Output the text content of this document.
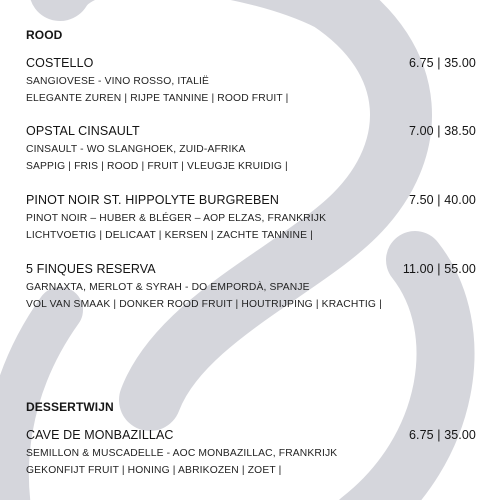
ROOD
COSTELLO	6.75 | 35.00
SANGIOVESE - VINO ROSSO, ITALIË
ELEGANTE ZUREN | RIJPE TANNINE | ROOD FRUIT |
OPSTAL CINSAULT	7.00 | 38.50
CINSAULT - WO SLANGHOEK, ZUID-AFRIKA
SAPPIG | FRIS | ROOD | FRUIT | VLEUGJE KRUIDIG |
PINOT NOIR ST. HIPPOLYTE BURGREBEN	7.50 | 40.00
PINOT NOIR – HUBER & BLÉGER – AOP ELZAS, FRANKRIJK
LICHTVOETIG | DELICAAT | KERSEN | ZACHTE TANNINE |
5 FINQUES RESERVA	11.00 | 55.00
GARNAXTA, MERLOT & SYRAH - DO EMPORDÀ, SPANJE
VOL VAN SMAAK | DONKER ROOD FRUIT | HOUTRIJPING | KRACHTIG |
DESSERTWIJN
CAVE DE MONBAZILLAC	6.75 | 35.00
SEMILLON & MUSCADELLE - AOC MONBAZILLAC, FRANKRIJK
GEKONFIJT FRUIT | HONING | ABRIKOZEN | ZOET |
